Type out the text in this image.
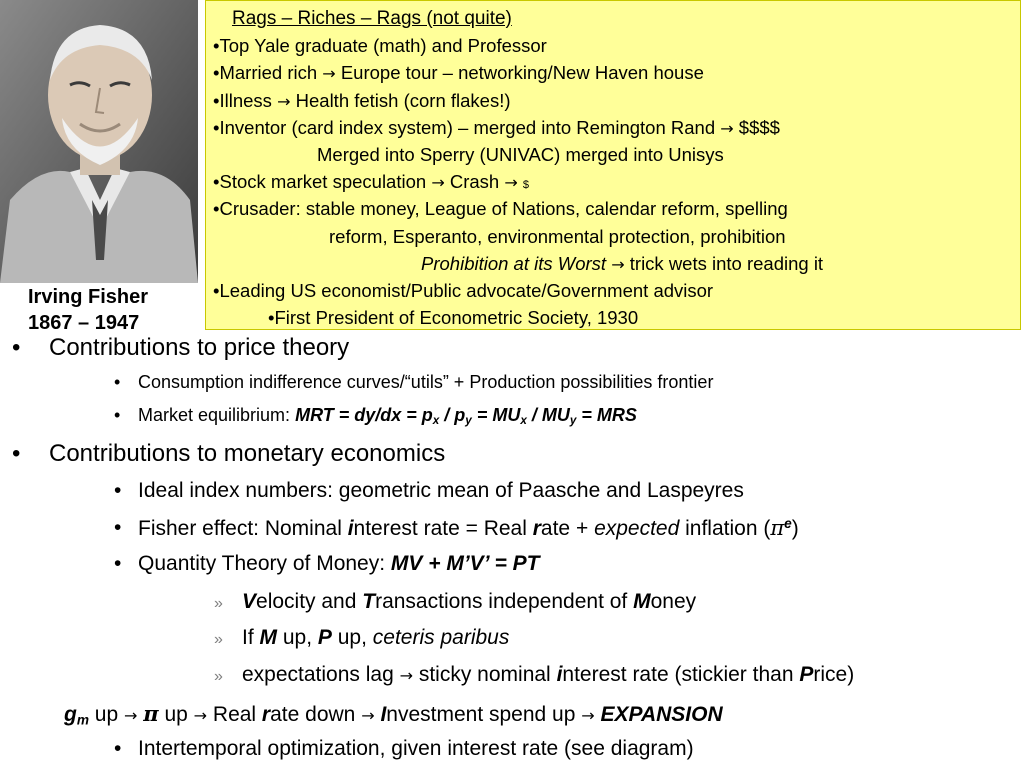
Irving Fisher
1867 – 1947
Rags – Riches – Rags (not quite)
•Top Yale graduate (math) and Professor
•Married rich → Europe tour – networking/New Haven house
•Illness → Health fetish (corn flakes!)
•Inventor (card index system) – merged into Remington Rand → $$$$
Merged into Sperry (UNIVAC) merged into Unisys
•Stock market speculation → Crash → $
•Crusader: stable money, League of Nations, calendar reform, spelling
reform, Esperanto, environmental protection, prohibition
Prohibition at its Worst → trick wets into reading it
•Leading US economist/Public advocate/Government advisor
•First President of Econometric Society, 1930
• Contributions to price theory
• Consumption indifference curves/“utils” + Production possibilities frontier
• Market equilibrium: MRT = $dy/dx = p_x / p_y = MU_x / MU_y$ = MRS
• Contributions to monetary economics
• Ideal index numbers: geometric mean of Paasche and Laspeyres
• Fisher effect: Nominal interest rate = Real rate + expected inflation $(\pi^e)$
• Quantity Theory of Money: MV + M’V’ = PT
» Velocity and Transactions independent of Money
» If M up, P up, ceteris paribus
» expectations lag → sticky nominal interest rate (stickier than Price)
$g_m$ up → π up → Real rate down → Investment spend up → EXPANSION
• Intertemporal optimization, given interest rate (see diagram)
